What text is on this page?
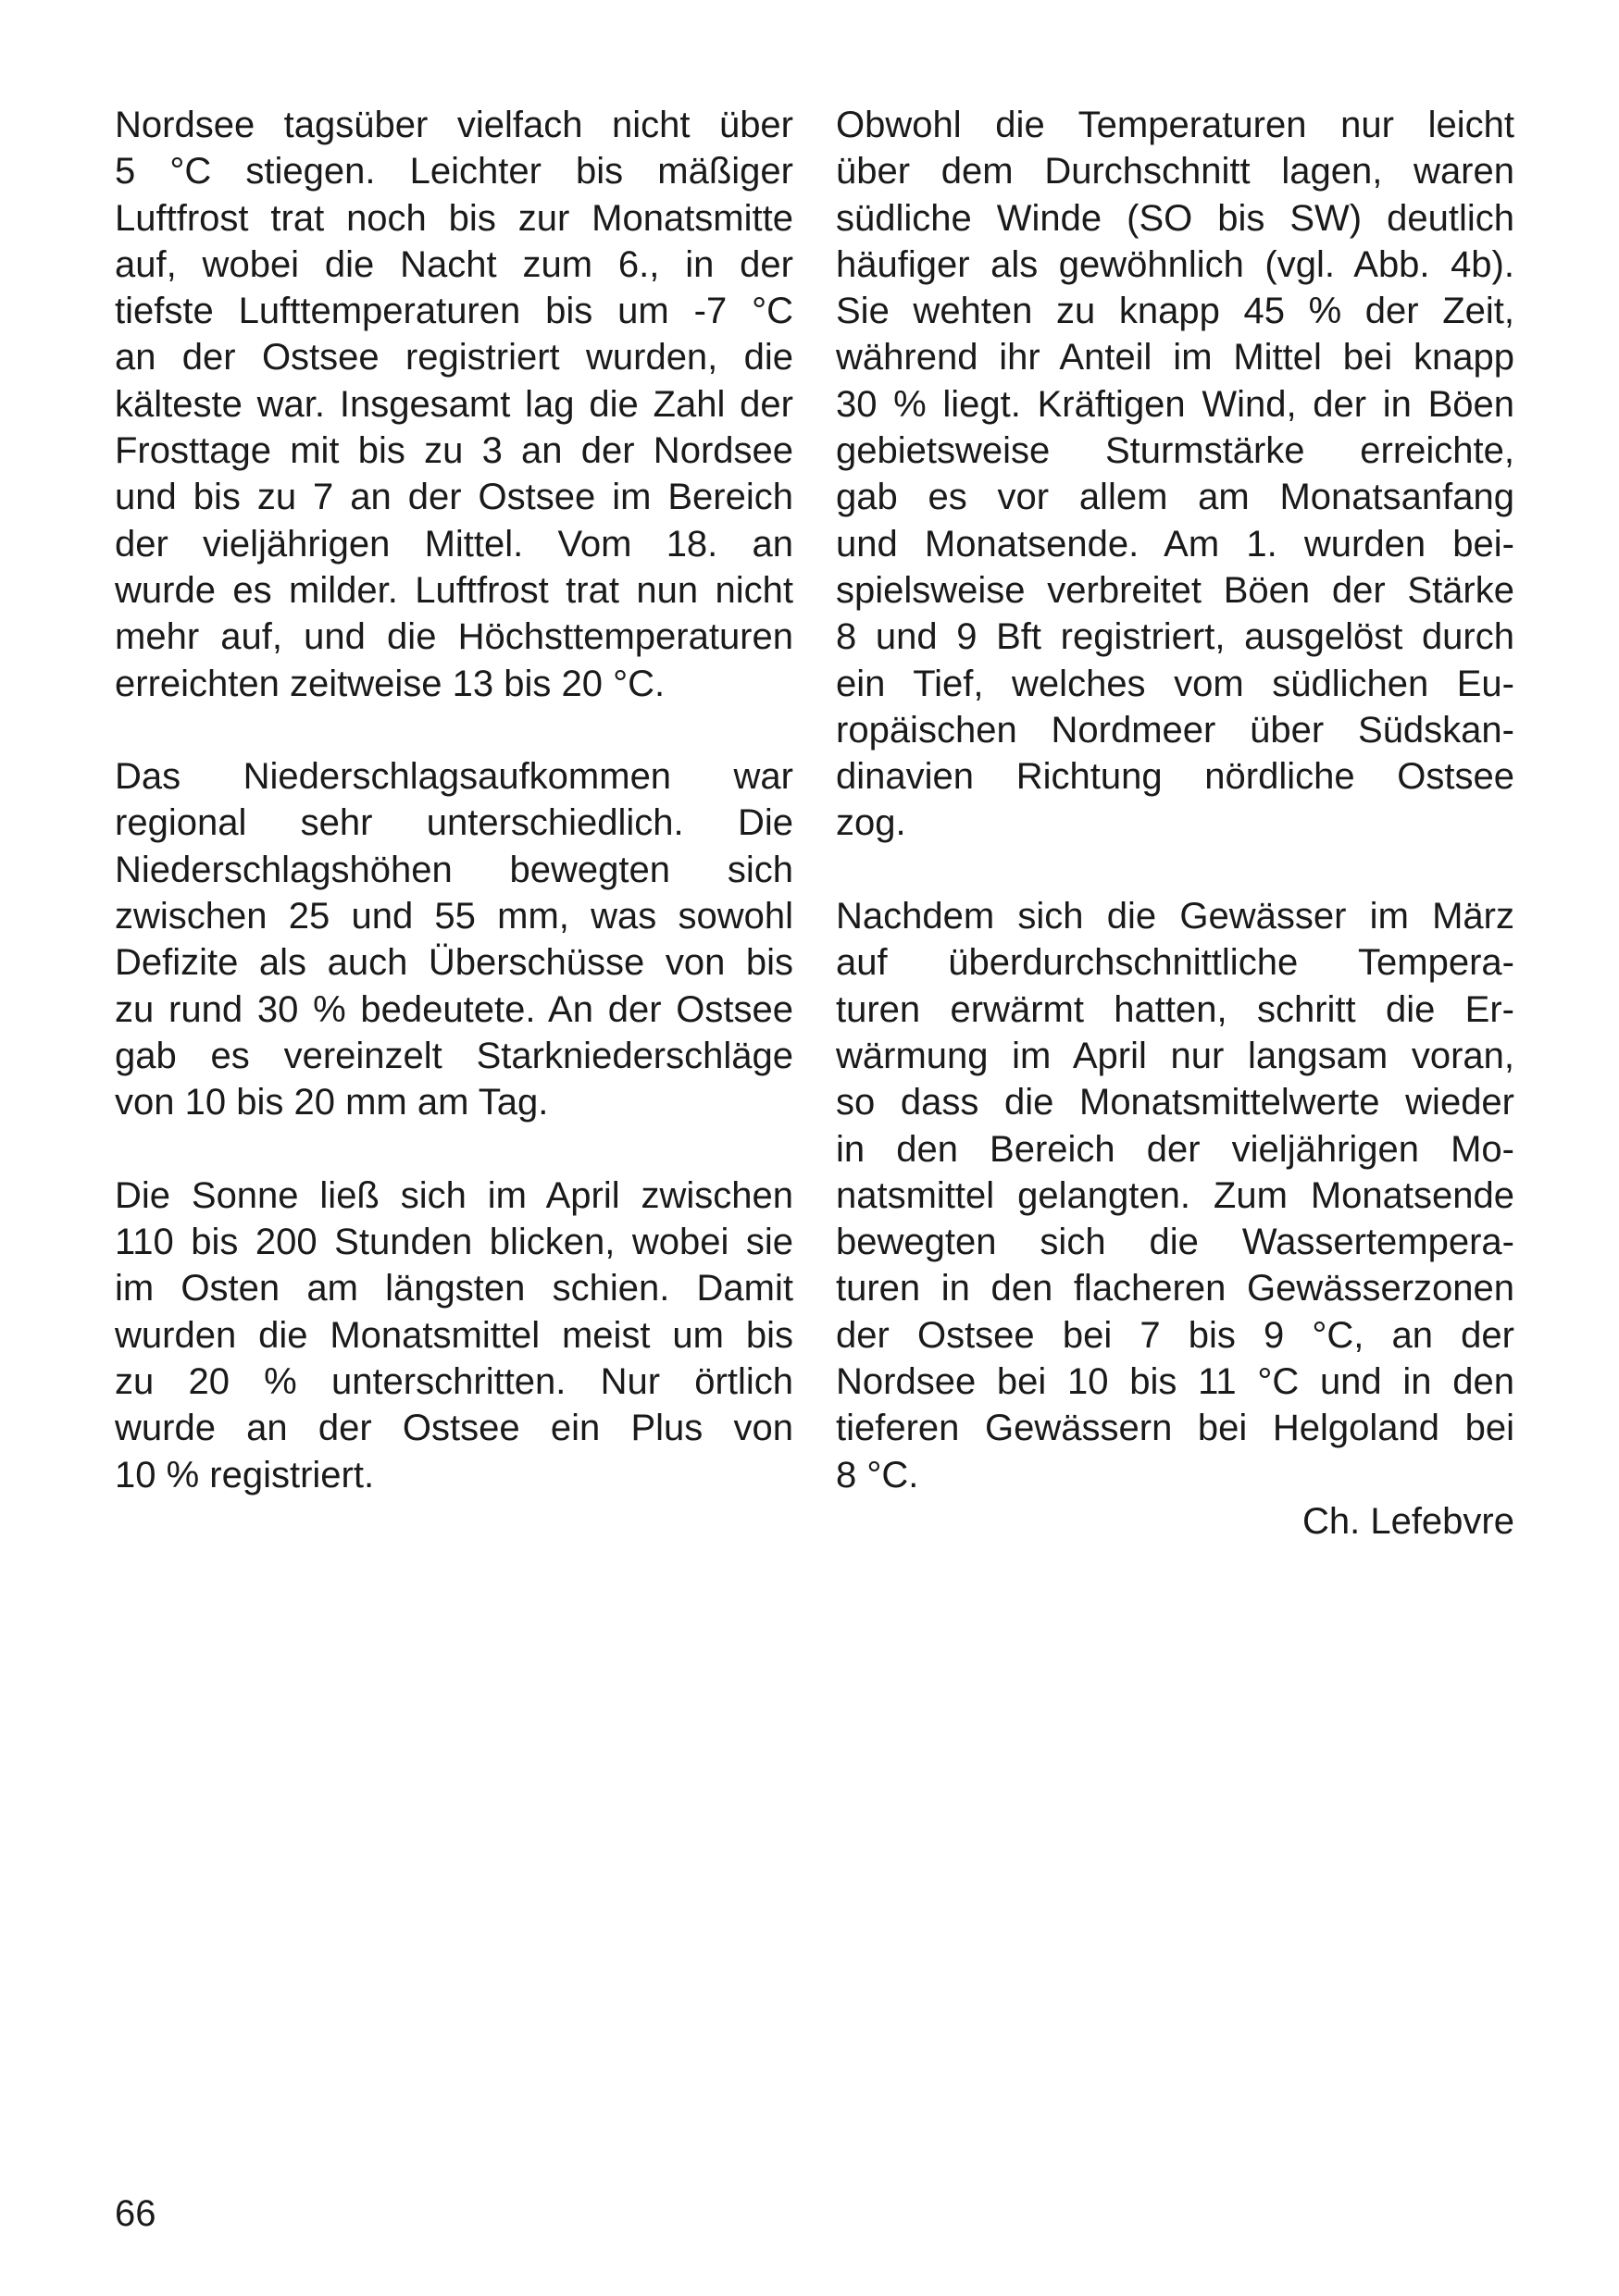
Nordsee tagsüber vielfach nicht über
5 °C stiegen. Leichter bis mäßiger
Luftfrost trat noch bis zur Monatsmitte
auf, wobei die Nacht zum 6., in der
tiefste Lufttemperaturen bis um -7 °C
an der Ostsee registriert wurden, die
kälteste war. Insgesamt lag die Zahl der
Frosttage mit bis zu 3 an der Nordsee
und bis zu 7 an der Ostsee im Bereich
der vieljährigen Mittel. Vom 18. an
wurde es milder. Luftfrost trat nun nicht
mehr auf, und die Höchsttemperaturen
erreichten zeitweise 13 bis 20 °C.
Das Niederschlagsaufkommen war
regional sehr unterschiedlich. Die
Niederschlagshöhen bewegten sich
zwischen 25 und 55 mm, was sowohl
Defizite als auch Überschüsse von bis
zu rund 30 % bedeutete. An der Ostsee
gab es vereinzelt Starkniederschläge
von 10 bis 20 mm am Tag.
Die Sonne ließ sich im April zwischen
110 bis 200 Stunden blicken, wobei sie
im Osten am längsten schien. Damit
wurden die Monatsmittel meist um bis
zu 20 % unterschritten. Nur örtlich
wurde an der Ostsee ein Plus von
10 % registriert.
Obwohl die Temperaturen nur leicht
über dem Durchschnitt lagen, waren
südliche Winde (SO bis SW) deutlich
häufiger als gewöhnlich (vgl. Abb. 4b).
Sie wehten zu knapp 45 % der Zeit,
während ihr Anteil im Mittel bei knapp
30 % liegt. Kräftigen Wind, der in Böen
gebietsweise Sturmstärke erreichte,
gab es vor allem am Monatsanfang
und Monatsende. Am 1. wurden bei-
spielsweise verbreitet Böen der Stärke
8 und 9 Bft registriert, ausgelöst durch
ein Tief, welches vom südlichen Eu-
ropäischen Nordmeer über Südskan-
dinavien Richtung nördliche Ostsee
zog.
Nachdem sich die Gewässer im März
auf überdurchschnittliche Tempera-
turen erwärmt hatten, schritt die Er-
wärmung im April nur langsam voran,
so dass die Monatsmittelwerte wieder
in den Bereich der vieljährigen Mo-
natsmittel gelangten. Zum Monatsende
bewegten sich die Wassertempera-
turen in den flacheren Gewässerzonen
der Ostsee bei 7 bis 9 °C, an der
Nordsee bei 10 bis 11 °C und in den
tieferen Gewässern bei Helgoland bei
8 °C.
Ch. Lefebvre
66
